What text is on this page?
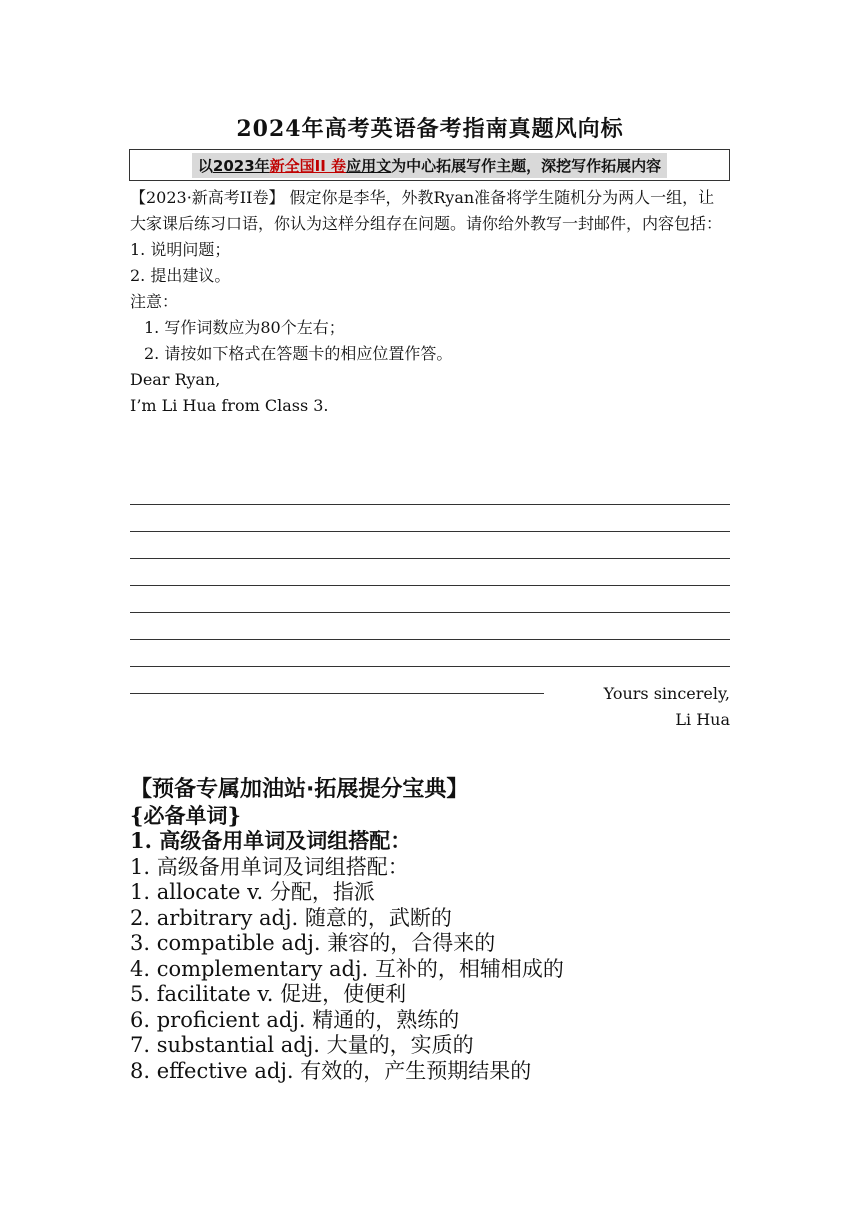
2024年高考英语备考指南真题风向标
以2023年新全国II 卷应用文为中心拓展写作主题，深挖写作拓展内容

【2023·新高考II卷】 假定你是李华，外教Ryan准备将学生随机分为两人一组，让大家课后练习口语，你认为这样分组存在问题。请你给外教写一封邮件，内容包括：

1. 说明问题；

2. 提出建议。

注意：

1. 写作词数应为80个左右；

2. 请按如下格式在答题卡的相应位置作答。

Dear Ryan,

I’m Li Hua from Class 3.

Yours sincerely,
Li Hua
【预备专属加油站·拓展提分宝典】
{必备单词}
1. 高级备用单词及词组搭配：
1. 高级备用单词及词组搭配：
1. allocate v. 分配，指派
2. arbitrary adj. 随意的，武断的
3. compatible adj. 兼容的，合得来的
4. complementary adj. 互补的，相辅相成的
5. facilitate v. 促进，使便利
6. proficient adj. 精通的，熟练的
7. substantial adj. 大量的，实质的
8. effective adj. 有效的，产生预期结果的
